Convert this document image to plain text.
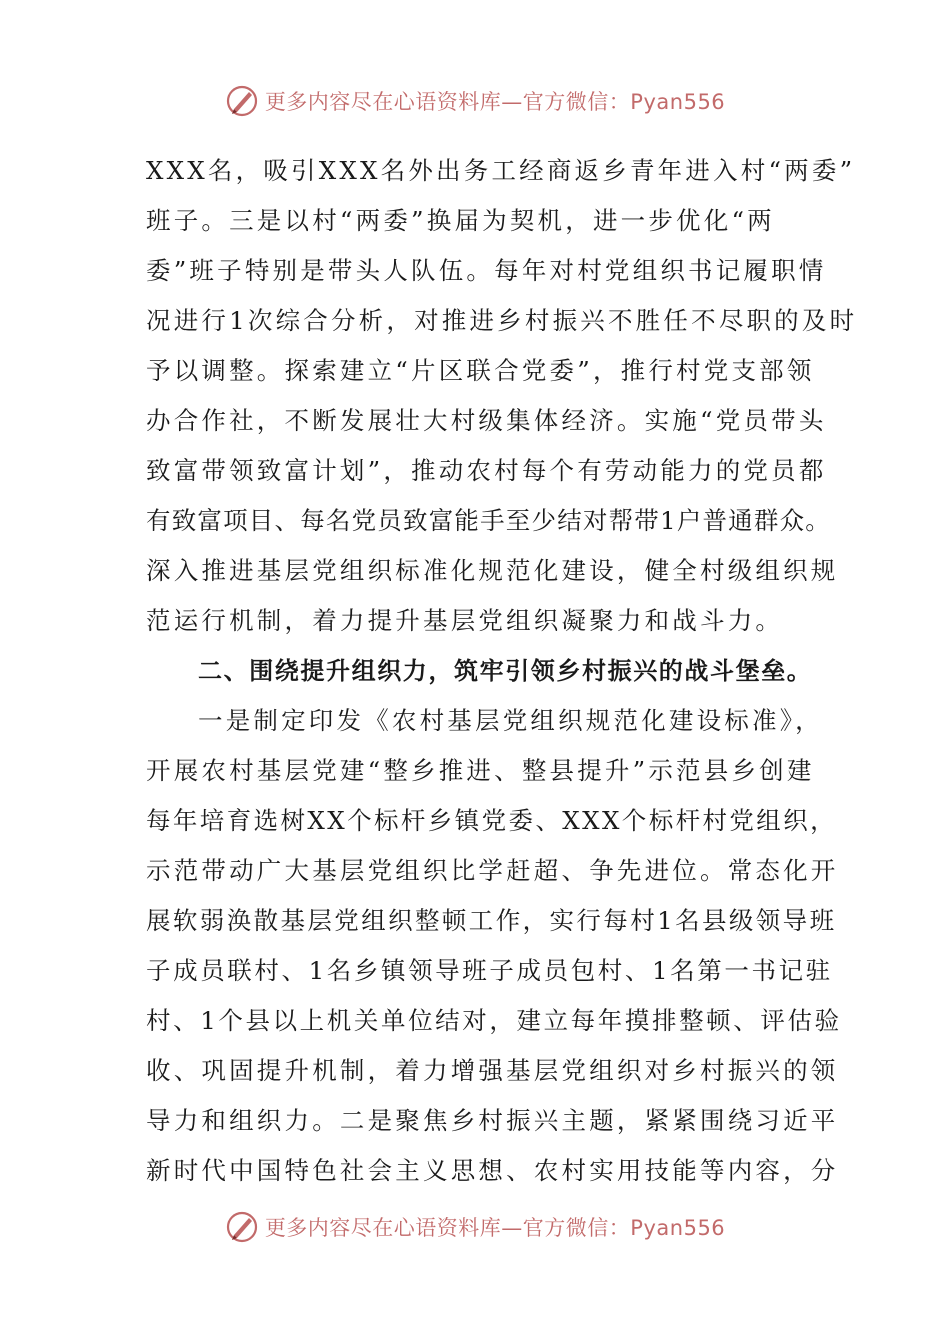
更多内容尽在心语资料库—官方微信：Pyan556
XXX名，吸引XXX名外出务工经商返乡青年进入村“两委”
班子。三是以村“两委”换届为契机，进一步优化“两
委”班子特别是带头人队伍。每年对村党组织书记履职情
况进行1次综合分析，对推进乡村振兴不胜任不尽职的及时
予以调整。探索建立“片区联合党委”，推行村党支部领
办合作社，不断发展壮大村级集体经济。实施“党员带头
致富带领致富计划”，推动农村每个有劳动能力的党员都
有致富项目、每名党员致富能手至少结对帮带1户普通群众。
深入推进基层党组织标准化规范化建设，健全村级组织规
范运行机制，着力提升基层党组织凝聚力和战斗力。
二、围绕提升组织力，筑牢引领乡村振兴的战斗堡垒。
一是制定印发《农村基层党组织规范化建设标准》，
开展农村基层党建“整乡推进、整县提升”示范县乡创建
每年培育选树XX个标杆乡镇党委、XXX个标杆村党组织，
示范带动广大基层党组织比学赶超、争先进位。常态化开
展软弱涣散基层党组织整顿工作，实行每村1名县级领导班
子成员联村、1名乡镇领导班子成员包村、1名第一书记驻
村、1个县以上机关单位结对，建立每年摸排整顿、评估验
收、巩固提升机制，着力增强基层党组织对乡村振兴的领
导力和组织力。二是聚焦乡村振兴主题，紧紧围绕习近平
新时代中国特色社会主义思想、农村实用技能等内容，分
更多内容尽在心语资料库—官方微信：Pyan556
